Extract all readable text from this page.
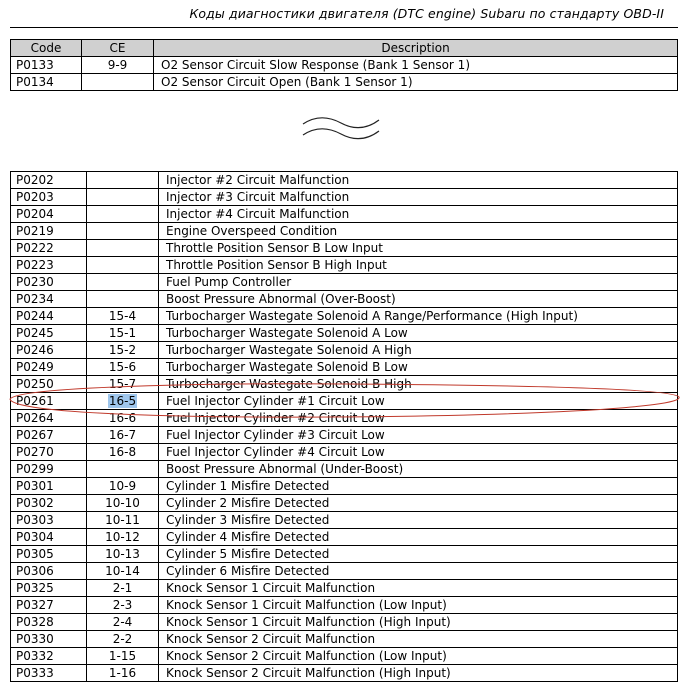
Коды диагностики двигателя (DTC engine) Subaru по стандарту OBD-II
Code	CE	Description
P0133	9-9	O2 Sensor Circuit Slow Response (Bank 1 Sensor 1)
P0134		O2 Sensor Circuit Open (Bank 1 Sensor 1)
P0202		Injector #2 Circuit Malfunction
P0203		Injector #3 Circuit Malfunction
P0204		Injector #4 Circuit Malfunction
P0219		Engine Overspeed Condition
P0222		Throttle Position Sensor B Low Input
P0223		Throttle Position Sensor B High Input
P0230		Fuel Pump Controller
P0234		Boost Pressure Abnormal (Over-Boost)
P0244	15-4	Turbocharger Wastegate Solenoid A Range/Performance (High Input)
P0245	15-1	Turbocharger Wastegate Solenoid A Low
P0246	15-2	Turbocharger Wastegate Solenoid A High
P0249	15-6	Turbocharger Wastegate Solenoid B Low
P0250	15-7	Turbocharger Wastegate Solenoid B High
P0261	16-5	Fuel Injector Cylinder #1 Circuit Low
P0264	16-6	Fuel Injector Cylinder #2 Circuit Low
P0267	16-7	Fuel Injector Cylinder #3 Circuit Low
P0270	16-8	Fuel Injector Cylinder #4 Circuit Low
P0299		Boost Pressure Abnormal (Under-Boost)
P0301	10-9	Cylinder 1 Misfire Detected
P0302	10-10	Cylinder 2 Misfire Detected
P0303	10-11	Cylinder 3 Misfire Detected
P0304	10-12	Cylinder 4 Misfire Detected
P0305	10-13	Cylinder 5 Misfire Detected
P0306	10-14	Cylinder 6 Misfire Detected
P0325	2-1	Knock Sensor 1 Circuit Malfunction
P0327	2-3	Knock Sensor 1 Circuit Malfunction (Low Input)
P0328	2-4	Knock Sensor 1 Circuit Malfunction (High Input)
P0330	2-2	Knock Sensor 2 Circuit Malfunction
P0332	1-15	Knock Sensor 2 Circuit Malfunction (Low Input)
P0333	1-16	Knock Sensor 2 Circuit Malfunction (High Input)
